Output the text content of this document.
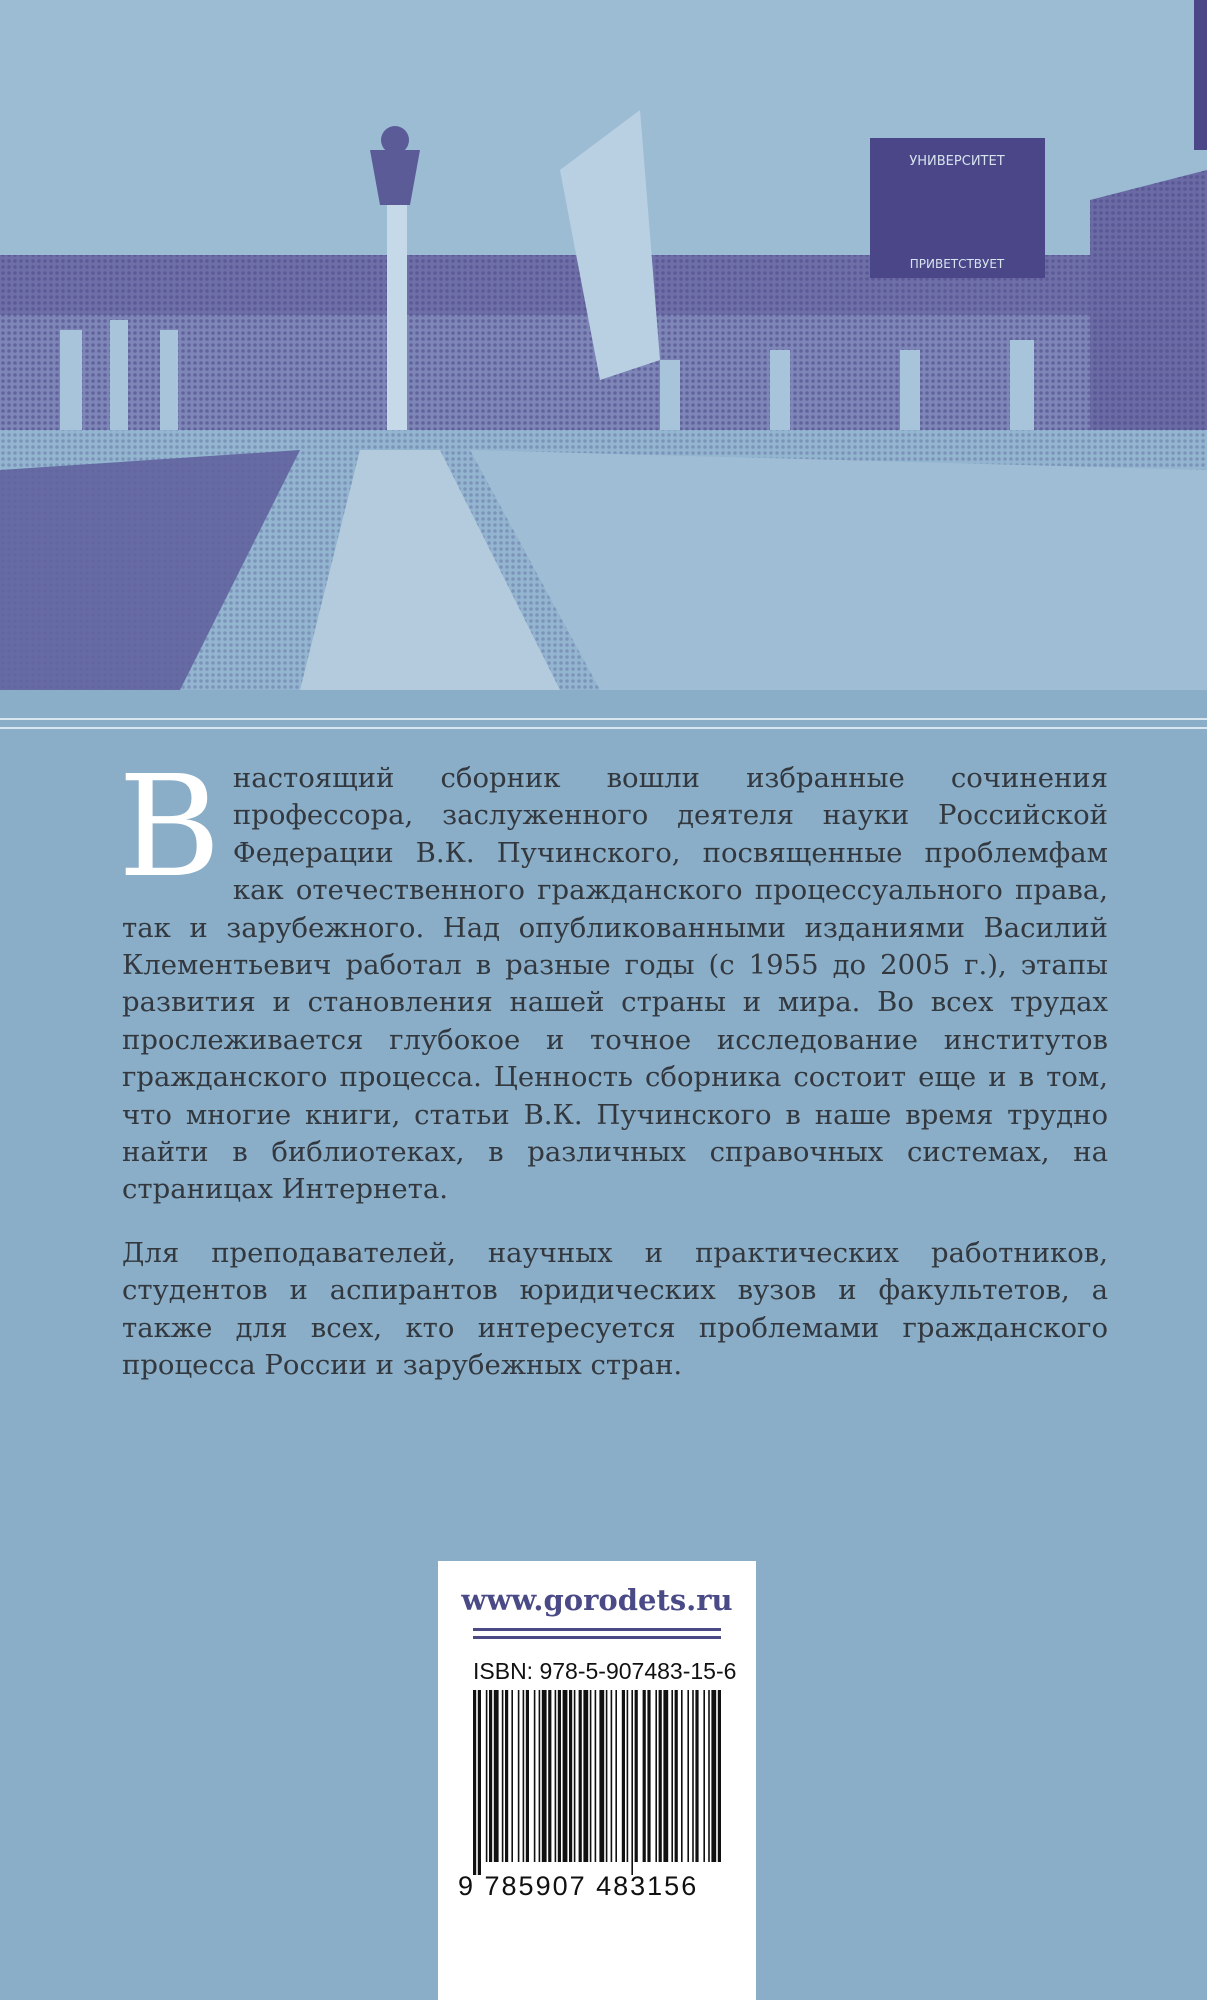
УНИВЕРСИТЕТ
ПРИВЕТСТВУЕТ

Внастоящий сборник вошли избранные сочинения профессора, заслуженного деятеля науки Российской Федерации В.К. Пучинского, посвященные проблемфам как отечественного гражданского процессуального права, так и зарубежного. Над опубликованными изданиями Василий Клементьевич работал в разные годы (с 1955 до 2005 г.), этапы развития и становления нашей страны и мира. Во всех трудах прослеживается глубокое и точное исследование институтов гражданского процесса. Ценность сборника состоит еще и в том, что многие книги, статьи В.К. Пучинского в наше время трудно найти в библиотеках, в различных справочных системах, на страницах Интернета.

Для преподавателей, научных и практических работников, студентов и аспирантов юридических вузов и факультетов, а также для всех, кто интересуется проблемами гражданского процесса России и зарубежных стран.

www.gorodets.ru
ISBN: 978-5-907483-15-6
9 785907 483156
